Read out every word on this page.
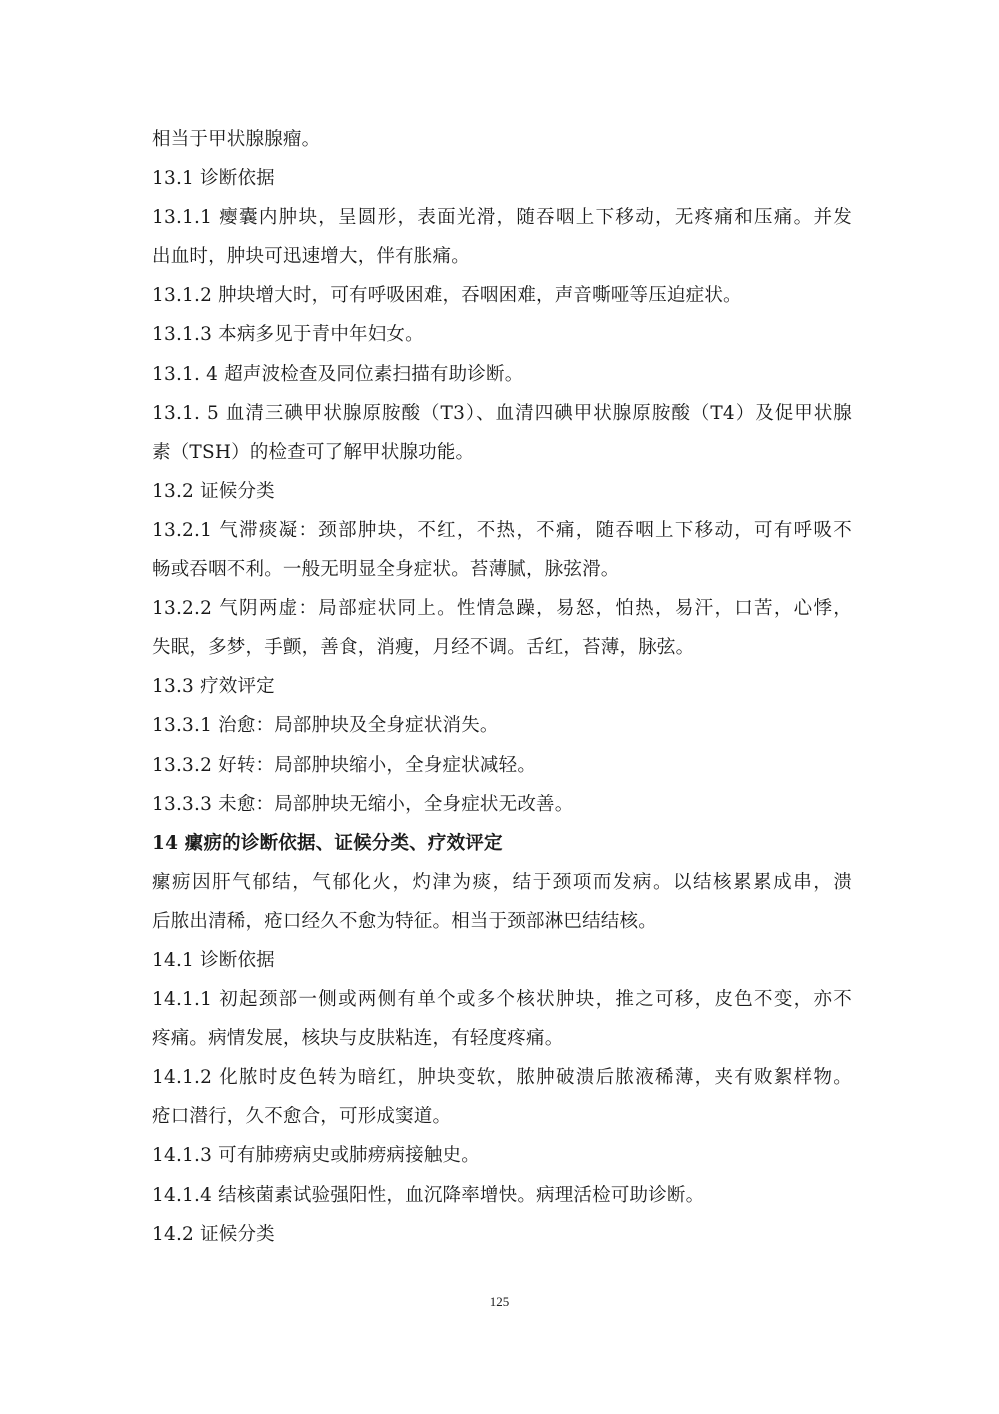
相当于甲状腺腺瘤。
13.1 诊断依据
13.1.1 瘿囊内肿块，呈圆形，表面光滑，随吞咽上下移动，无疼痛和压痛。并发
出血时，肿块可迅速增大，伴有胀痛。
13.1.2 肿块增大时，可有呼吸困难，吞咽困难，声音嘶哑等压迫症状。
13.1.3 本病多见于青中年妇女。
13.1. 4 超声波检查及同位素扫描有助诊断。
13.1. 5 血清三碘甲状腺原胺酸（T3）、血清四碘甲状腺原胺酸（T4）及促甲状腺
素（TSH）的检查可了解甲状腺功能。
13.2 证候分类
13.2.1 气滞痰凝：颈部肿块，不红，不热，不痛，随吞咽上下移动，可有呼吸不
畅或吞咽不利。一般无明显全身症状。苔薄腻，脉弦滑。
13.2.2 气阴两虚：局部症状同上。性情急躁，易怒，怕热，易汗，口苦，心悸，
失眠，多梦，手颤，善食，消瘦，月经不调。舌红，苔薄，脉弦。
13.3 疗效评定
13.3.1 治愈：局部肿块及全身症状消失。
13.3.2 好转：局部肿块缩小，全身症状减轻。
13.3.3 未愈：局部肿块无缩小，全身症状无改善。
14 瘰疬的诊断依据、证候分类、疗效评定
瘰疬因肝气郁结，气郁化火，灼津为痰，结于颈项而发病。以结核累累成串，溃
后脓出清稀，疮口经久不愈为特征。相当于颈部淋巴结结核。
14.1 诊断依据
14.1.1 初起颈部一侧或两侧有单个或多个核状肿块，推之可移，皮色不变，亦不
疼痛。病情发展，核块与皮肤粘连，有轻度疼痛。
14.1.2 化脓时皮色转为暗红，肿块变软，脓肿破溃后脓液稀薄，夹有败絮样物。
疮口潜行，久不愈合，可形成窦道。
14.1.3 可有肺痨病史或肺痨病接触史。
14.1.4 结核菌素试验强阳性，血沉降率增快。病理活检可助诊断。
14.2 证候分类
125
